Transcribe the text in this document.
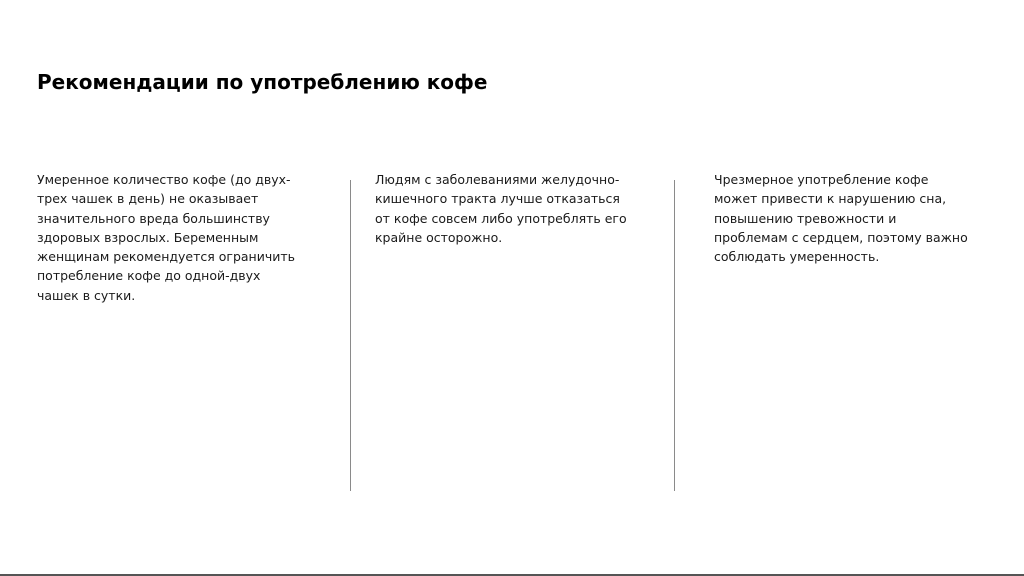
Рекомендации по употреблению кофе

Умеренное количество кофе (до двух-
трех чашек в день) не оказывает
значительного вреда большинству
здоровых взрослых. Беременным
женщинам рекомендуется ограничить
потребление кофе до одной-двух
чашек в сутки.

Людям с заболеваниями желудочно-
кишечного тракта лучше отказаться
от кофе совсем либо употреблять его
крайне осторожно.

Чрезмерное употребление кофе
может привести к нарушению сна,
повышению тревожности и
проблемам с сердцем, поэтому важно
соблюдать умеренность.
